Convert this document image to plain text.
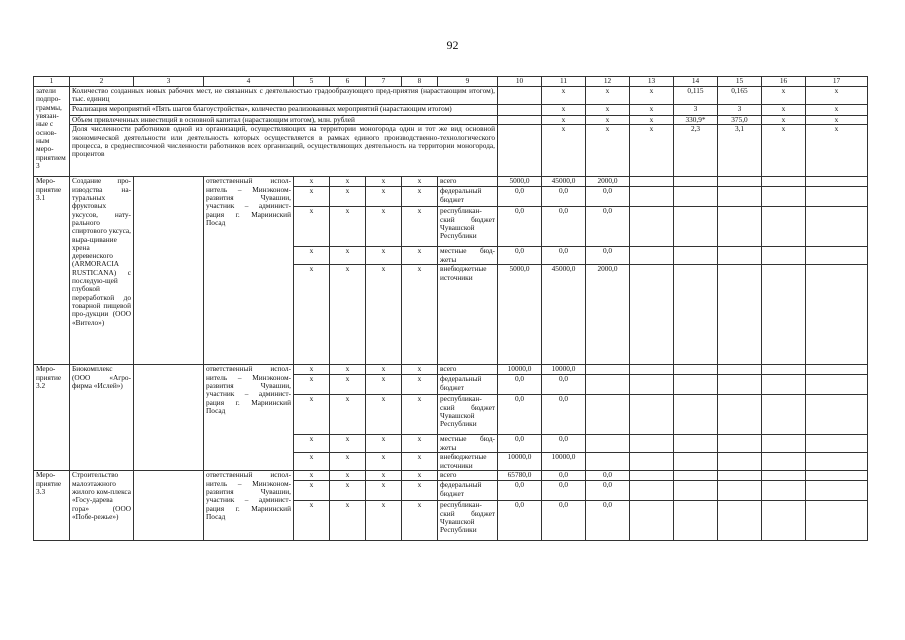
92
1	2	3	4	5	6	7	8	9	10	11	12	13	14	15	16	17	
затели подпро-граммы, увязан-ные с основ-ным меро-приятием 3	Количество созданных новых рабочих мест, не связанных с деятельностью градообразующего пред-приятия (нарастающим итогом), тыс. единиц									х	х	х	0,115	0,165	х	х	
	Реализация мероприятий «Пять шагов благоустройства», количество реализованных мероприятий (нарастающим итогом)									х	х	х	3	3	х	х	
	Объем привлеченных инвестиций в основной капитал (нарастающим итогом), млн. рублей									х	х	х	330,9*	375,0	х	х	
	Доля численности работников одной из организаций, осуществляющих на территории моногорода один и тот же вид основной экономической деятельности или деятельность которых осуществляется в рамках единого производственно-технологического процесса, в среднесписочной численности работников всех организаций, осуществляющих деятельность на территории моногорода, процентов									х	х	х	2,3	3,1	х	х	
Меро-приятие 3.1	Создание про-изводства на-туральных фруктовых уксусов, нату-рального спиртового уксуса, выра-щивание хрена деревенского (ARMORACIA RUSTICANA) с последую-щей глубокой переработкой до товарной пищевой про-дукции (ООО «Витело»)		ответственный испол-нитель – Минэконом-развития Чувашии, участник – админист-рация г. Мариинский Посад	х	х	х	х	всего	5000,0	45000,0	2000,0						
				х	х	х	х	федеральный бюджет	0,0	0,0	0,0						
				х	х	х	х	республикан-ский бюджет Чувашской Республики	0,0	0,0	0,0						
				х	х	х	х	местные бюд-жеты	0,0	0,0	0,0						
				х	х	х	х	внебюджетные источники	5000,0	45000,0	2000,0						
Меро-приятие 3.2	Биокомплекс (ООО «Агро-фирма «Ислей»)		ответственный испол-нитель – Минэконом-развития Чувашии, участник – админист-рация г. Мариинский Посад	х	х	х	х	всего	10000,0	10000,0							
				х	х	х	х	федеральный бюджет	0,0	0,0							
				х	х	х	х	республикан-ский бюджет Чувашской Республики	0,0	0,0							
				х	х	х	х	местные бюд-жеты	0,0	0,0							
				х	х	х	х	внебюджетные источники	10000,0	10000,0							
Меро-приятие 3.3	Строительство малоэтажного жилого ком-плекса «Госу-дарева гора» (ООО «Побе-режье»)		ответственный испол-нитель – Минэконом-развития Чувашии, участник – админист-рация г. Мариинский Посад	х	х	х	х	всего	65780,0	0,0	0,0						
				х	х	х	х	федеральный бюджет	0,0	0,0	0,0						
				х	х	х	х	республикан-ский бюджет Чувашской Республики	0,0	0,0	0,0						
